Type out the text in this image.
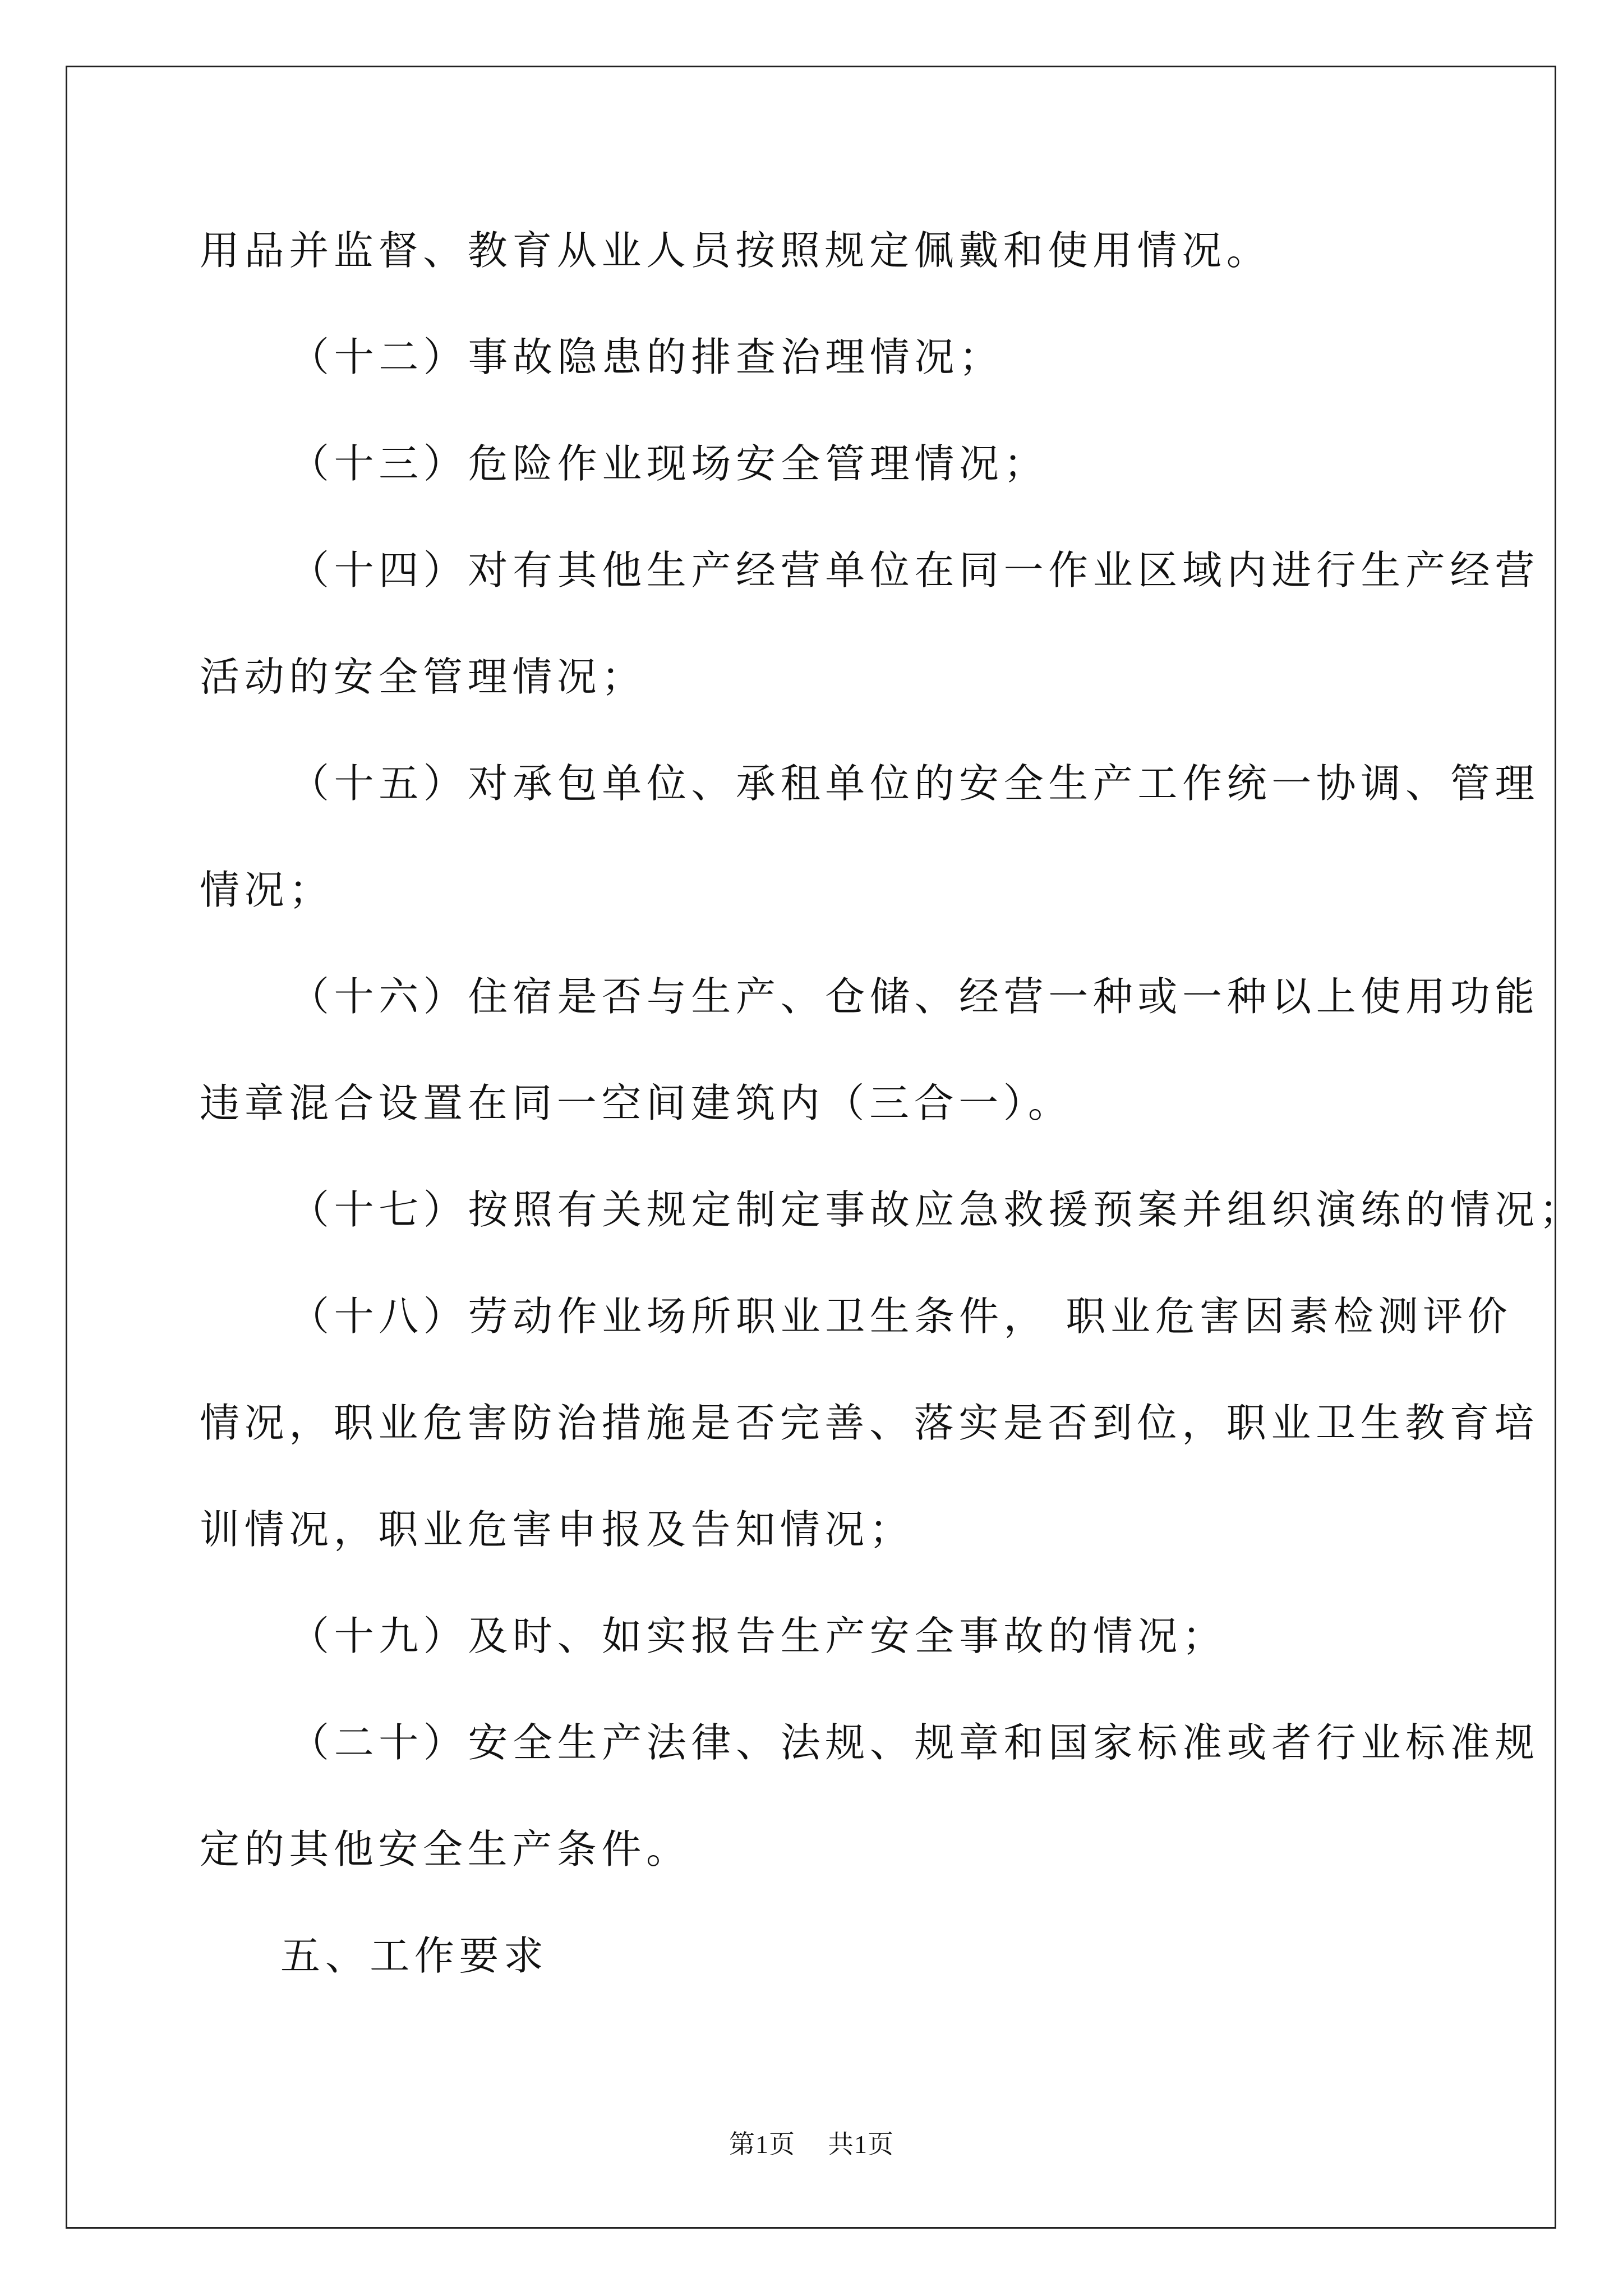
用品并监督、教育从业人员按照规定佩戴和使用情况。
（十二）事故隐患的排查治理情况；
（十三）危险作业现场安全管理情况；
（十四）对有其他生产经营单位在同一作业区域内进行生产经营
活动的安全管理情况；
（十五）对承包单位、承租单位的安全生产工作统一协调、管理
情况；
（十六）住宿是否与生产、仓储、经营一种或一种以上使用功能
违章混合设置在同一空间建筑内（三合一）。
（十七）按照有关规定制定事故应急救援预案并组织演练的情况；
（十八）劳动作业场所职业卫生条件， 职业危害因素检测评价
情况，职业危害防治措施是否完善、落实是否到位，职业卫生教育培
训情况，职业危害申报及告知情况；
（十九）及时、如实报告生产安全事故的情况；
（二十）安全生产法律、法规、规章和国家标准或者行业标准规
定的其他安全生产条件。
五、工作要求
第1页 共1页
